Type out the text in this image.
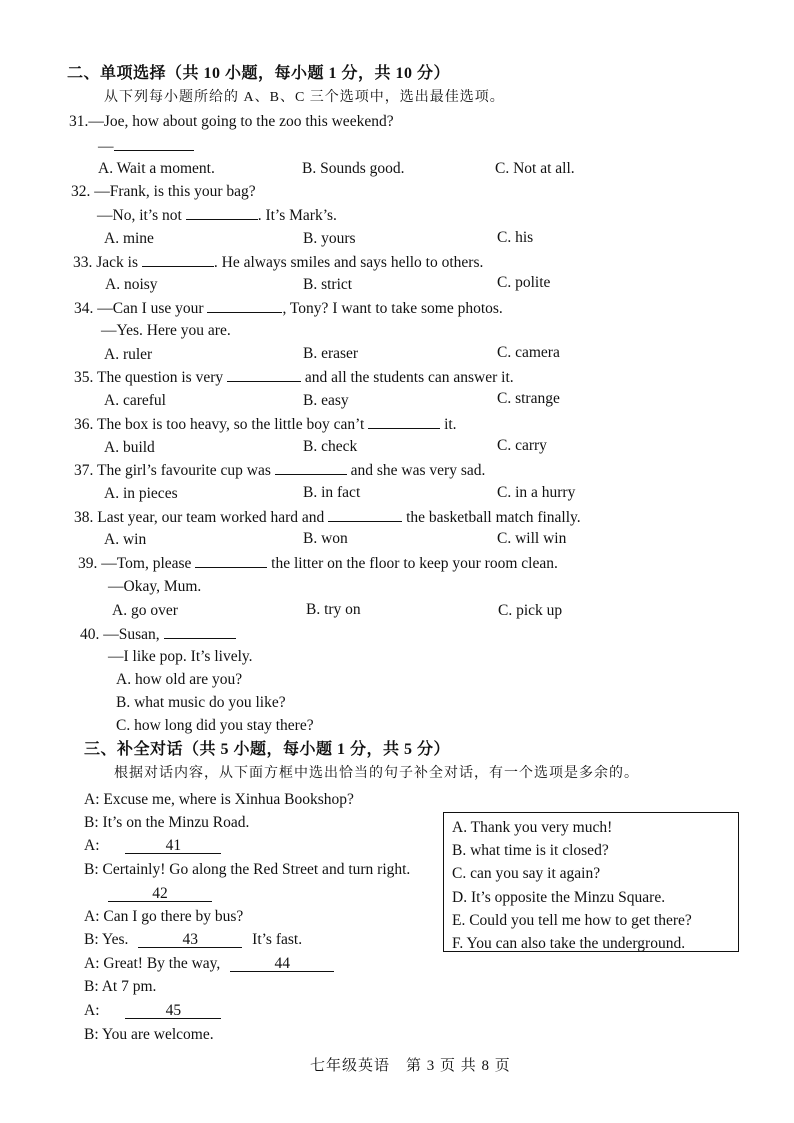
二、单项选择（共 10 小题，每小题 1 分，共 10 分）
从下列每小题所给的 A、B、C 三个选项中，选出最佳选项。
31.—Joe, how about going to the zoo this weekend?
—
A. Wait a moment.	B. Sounds good.	C. Not at all.
32. —Frank, is this your bag?
—No, it’s not	. It’s Mark’s.
A. mine	B. yours	C. his
33. Jack is	. He always smiles and says hello to others.
A. noisy	B. strict	C. polite
34. —Can I use your	, Tony? I want to take some photos.
—Yes. Here you are.
A. ruler	B. eraser	C. camera
35. The question is very	and all the students can answer it.
A. careful	B. easy	C. strange
36. The box is too heavy, so the little boy can’t	it.
A. build	B. check	C. carry
37. The girl’s favourite cup was	and she was very sad.
A. in pieces	B. in fact	C. in a hurry
38. Last year, our team worked hard and	the basketball match finally.
A. win	B. won	C. will win
39. —Tom, please	the litter on the floor to keep your room clean.
—Okay, Mum.
A. go over	B. try on	C. pick up
40. —Susan,
—I like pop. It’s lively.
A. how old are you?
B. what music do you like?
C. how long did you stay there?
三、补全对话（共 5 小题，每小题 1 分，共 5 分）
根据对话内容，从下面方框中选出恰当的句子补全对话，有一个选项是多余的。
A: Excuse me, where is Xinhua Bookshop?
B: It’s on the Minzu Road.
A:	41
B: Certainly! Go along the Red Street and turn right.
42
A: Can I go there by bus?
B: Yes.	43	It’s fast.
A: Great! By the way,	44
B: At 7 pm.
A:	45
B: You are welcome.
A. Thank you very much!
B. what time is it closed?
C. can you say it again?
D. It’s opposite the Minzu Square.
E. Could you tell me how to get there?
F. You can also take the underground.
七年级英语　第 3 页 共 8 页
